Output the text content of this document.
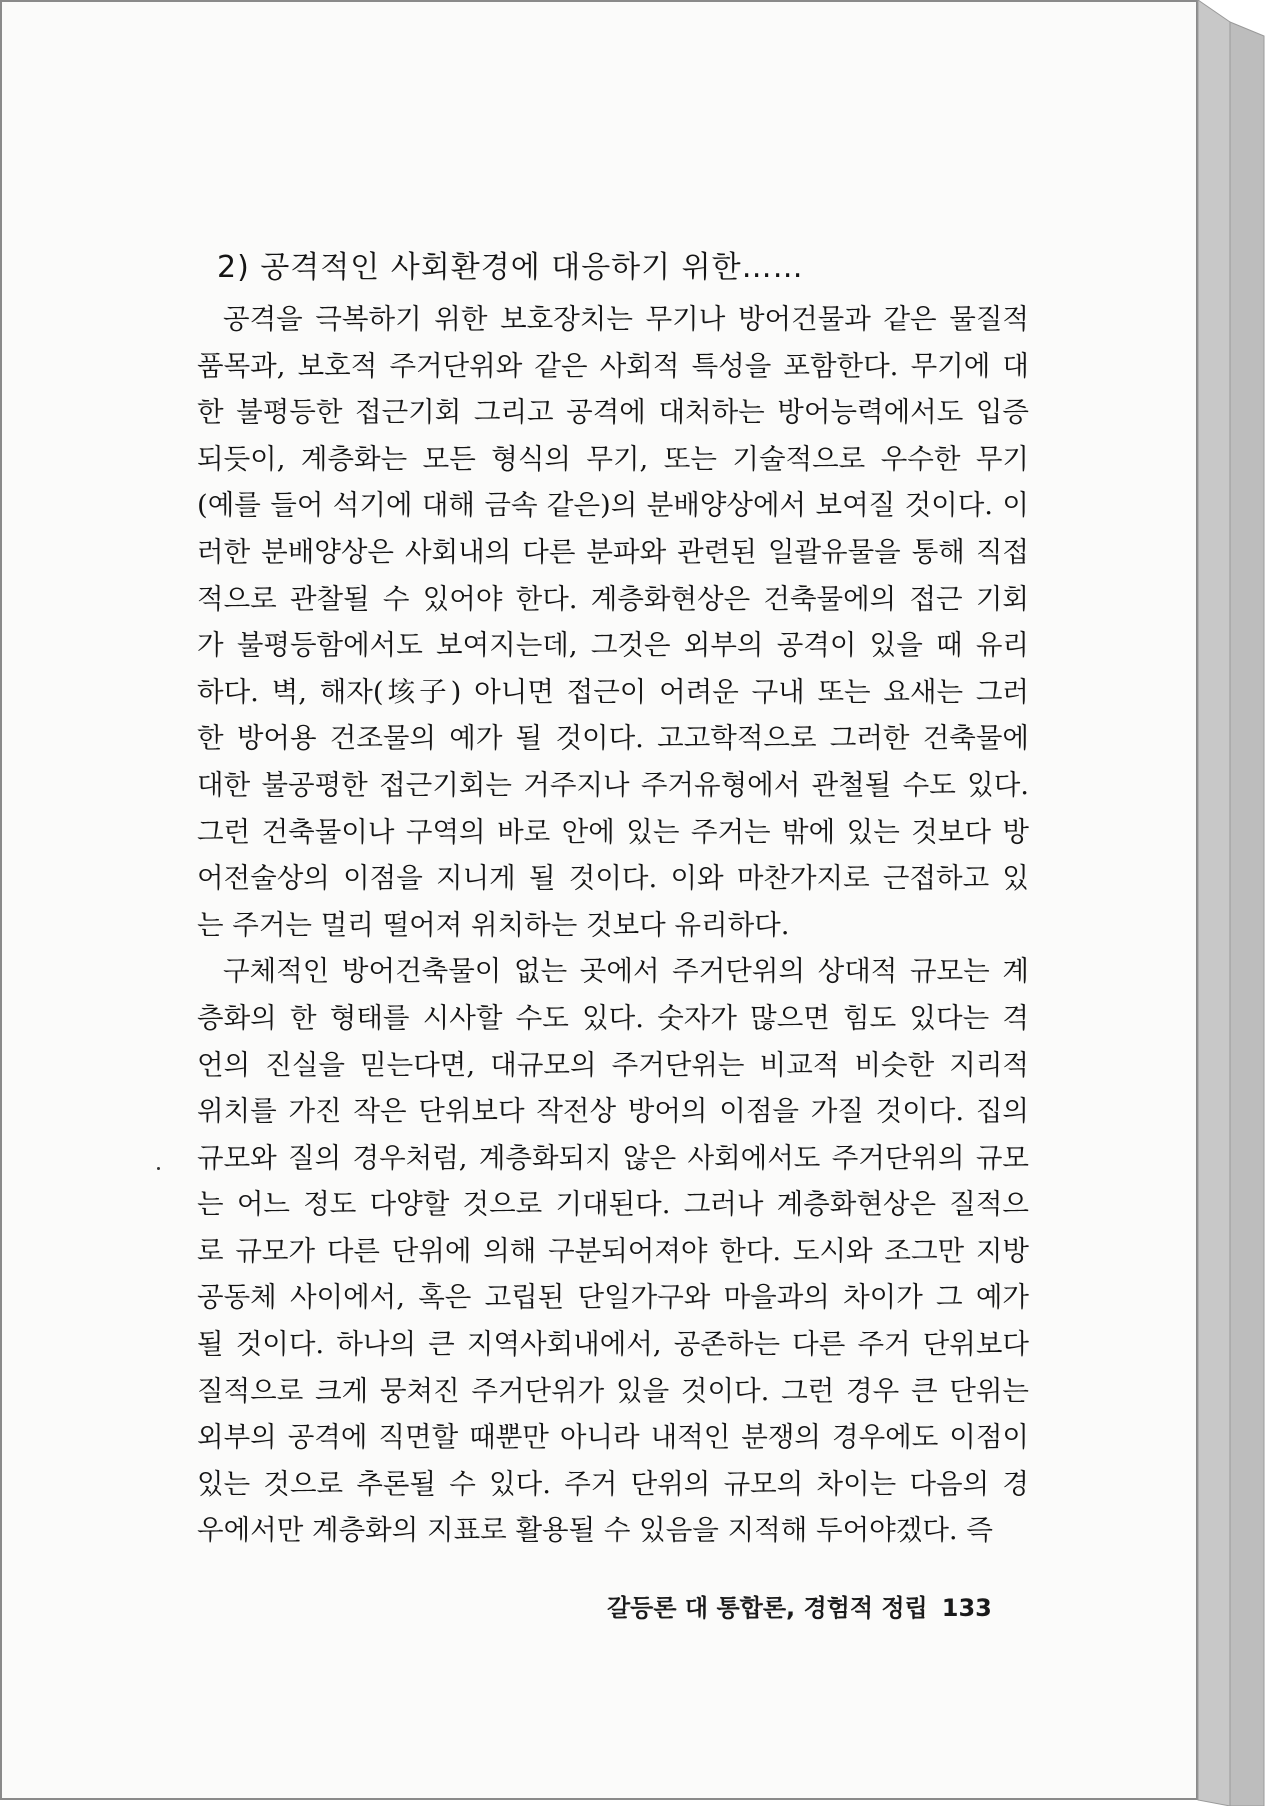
2) 공격적인 사회환경에 대응하기 위한……
공격을 극복하기 위한 보호장치는 무기나 방어건물과 같은 물질적
품목과, 보호적 주거단위와 같은 사회적 특성을 포함한다. 무기에 대
한 불평등한 접근기회 그리고 공격에 대처하는 방어능력에서도 입증
되듯이, 계층화는 모든 형식의 무기, 또는 기술적으로 우수한 무기
(예를 들어 석기에 대해 금속 같은)의 분배양상에서 보여질 것이다. 이
러한 분배양상은 사회내의 다른 분파와 관련된 일괄유물을 통해 직접
적으로 관찰될 수 있어야 한다. 계층화현상은 건축물에의 접근 기회
가 불평등함에서도 보여지는데, 그것은 외부의 공격이 있을 때 유리
하다. 벽, 해자(垓子) 아니면 접근이 어려운 구내 또는 요새는 그러
한 방어용 건조물의 예가 될 것이다. 고고학적으로 그러한 건축물에
대한 불공평한 접근기회는 거주지나 주거유형에서 관철될 수도 있다.
그런 건축물이나 구역의 바로 안에 있는 주거는 밖에 있는 것보다 방
어전술상의 이점을 지니게 될 것이다. 이와 마찬가지로 근접하고 있
는 주거는 멀리 떨어져 위치하는 것보다 유리하다.
구체적인 방어건축물이 없는 곳에서 주거단위의 상대적 규모는 계
층화의 한 형태를 시사할 수도 있다. 숫자가 많으면 힘도 있다는 격
언의 진실을 믿는다면, 대규모의 주거단위는 비교적 비슷한 지리적
위치를 가진 작은 단위보다 작전상 방어의 이점을 가질 것이다. 집의
규모와 질의 경우처럼, 계층화되지 않은 사회에서도 주거단위의 규모
는 어느 정도 다양할 것으로 기대된다. 그러나 계층화현상은 질적으
로 규모가 다른 단위에 의해 구분되어져야 한다. 도시와 조그만 지방
공동체 사이에서, 혹은 고립된 단일가구와 마을과의 차이가 그 예가
될 것이다. 하나의 큰 지역사회내에서, 공존하는 다른 주거 단위보다
질적으로 크게 뭉쳐진 주거단위가 있을 것이다. 그런 경우 큰 단위는
외부의 공격에 직면할 때뿐만 아니라 내적인 분쟁의 경우에도 이점이
있는 것으로 추론될 수 있다. 주거 단위의 규모의 차이는 다음의 경
우에서만 계층화의 지표로 활용될 수 있음을 지적해 두어야겠다. 즉
갈등론 대 통합론, 경험적 정립 133
